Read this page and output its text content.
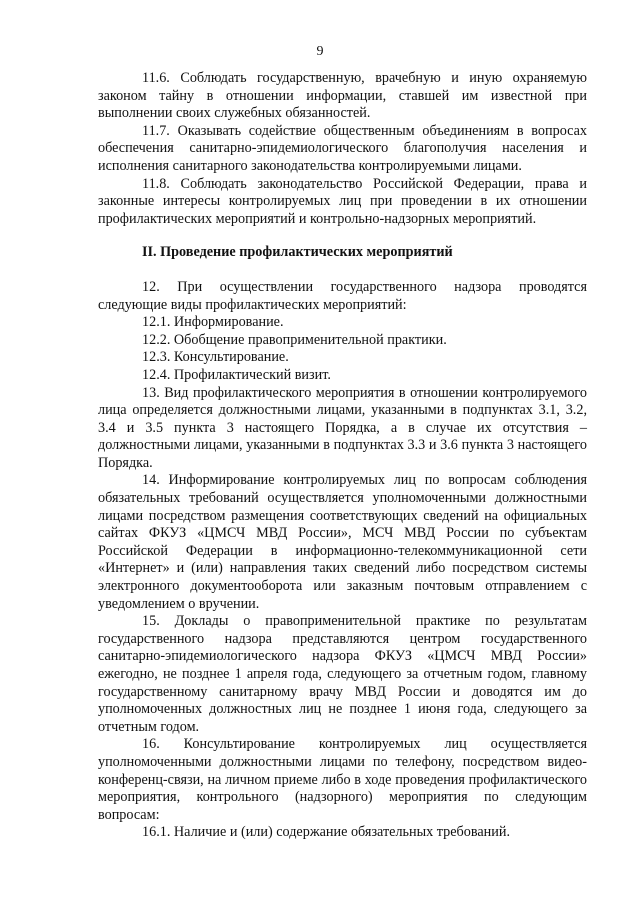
9

11.6. Соблюдать государственную, врачебную и иную охраняемую законом тайну в отношении информации, ставшей им известной при выполнении своих служебных обязанностей.

11.7. Оказывать содействие общественным объединениям в вопросах обеспечения санитарно-эпидемиологического благополучия населения и исполнения санитарного законодательства контролируемыми лицами.

11.8. Соблюдать законодательство Российской Федерации, права и законные интересы контролируемых лиц при проведении в их отношении профилактических мероприятий и контрольно-надзорных мероприятий.

II. Проведение профилактических мероприятий

12. При осуществлении государственного надзора проводятся следующие виды профилактических мероприятий:

12.1. Информирование.

12.2. Обобщение правоприменительной практики.

12.3. Консультирование.

12.4. Профилактический визит.

13. Вид профилактического мероприятия в отношении контролируемого лица определяется должностными лицами, указанными в подпунктах 3.1, 3.2, 3.4 и 3.5 пункта 3 настоящего Порядка, а в случае их отсутствия – должностными лицами, указанными в подпунктах 3.3 и 3.6 пункта 3 настоящего Порядка.

14. Информирование контролируемых лиц по вопросам соблюдения обязательных требований осуществляется уполномоченными должностными лицами посредством размещения соответствующих сведений на официальных сайтах ФКУЗ «ЦМСЧ МВД России», МСЧ МВД России по субъектам Российской Федерации в информационно-телекоммуникационной сети «Интернет» и (или) направления таких сведений либо посредством системы электронного документооборота или заказным почтовым отправлением с уведомлением о вручении.

15. Доклады о правоприменительной практике по результатам государственного надзора представляются центром государственного санитарно-эпидемиологического надзора ФКУЗ «ЦМСЧ МВД России» ежегодно, не позднее 1 апреля года, следующего за отчетным годом, главному государственному санитарному врачу МВД России и доводятся им до уполномоченных должностных лиц не позднее 1 июня года, следующего за отчетным годом.

16. Консультирование контролируемых лиц осуществляется уполномоченными должностными лицами по телефону, посредством видео-конференц-связи, на личном приеме либо в ходе проведения профилактического мероприятия, контрольного (надзорного) мероприятия по следующим вопросам:

16.1. Наличие и (или) содержание обязательных требований.
